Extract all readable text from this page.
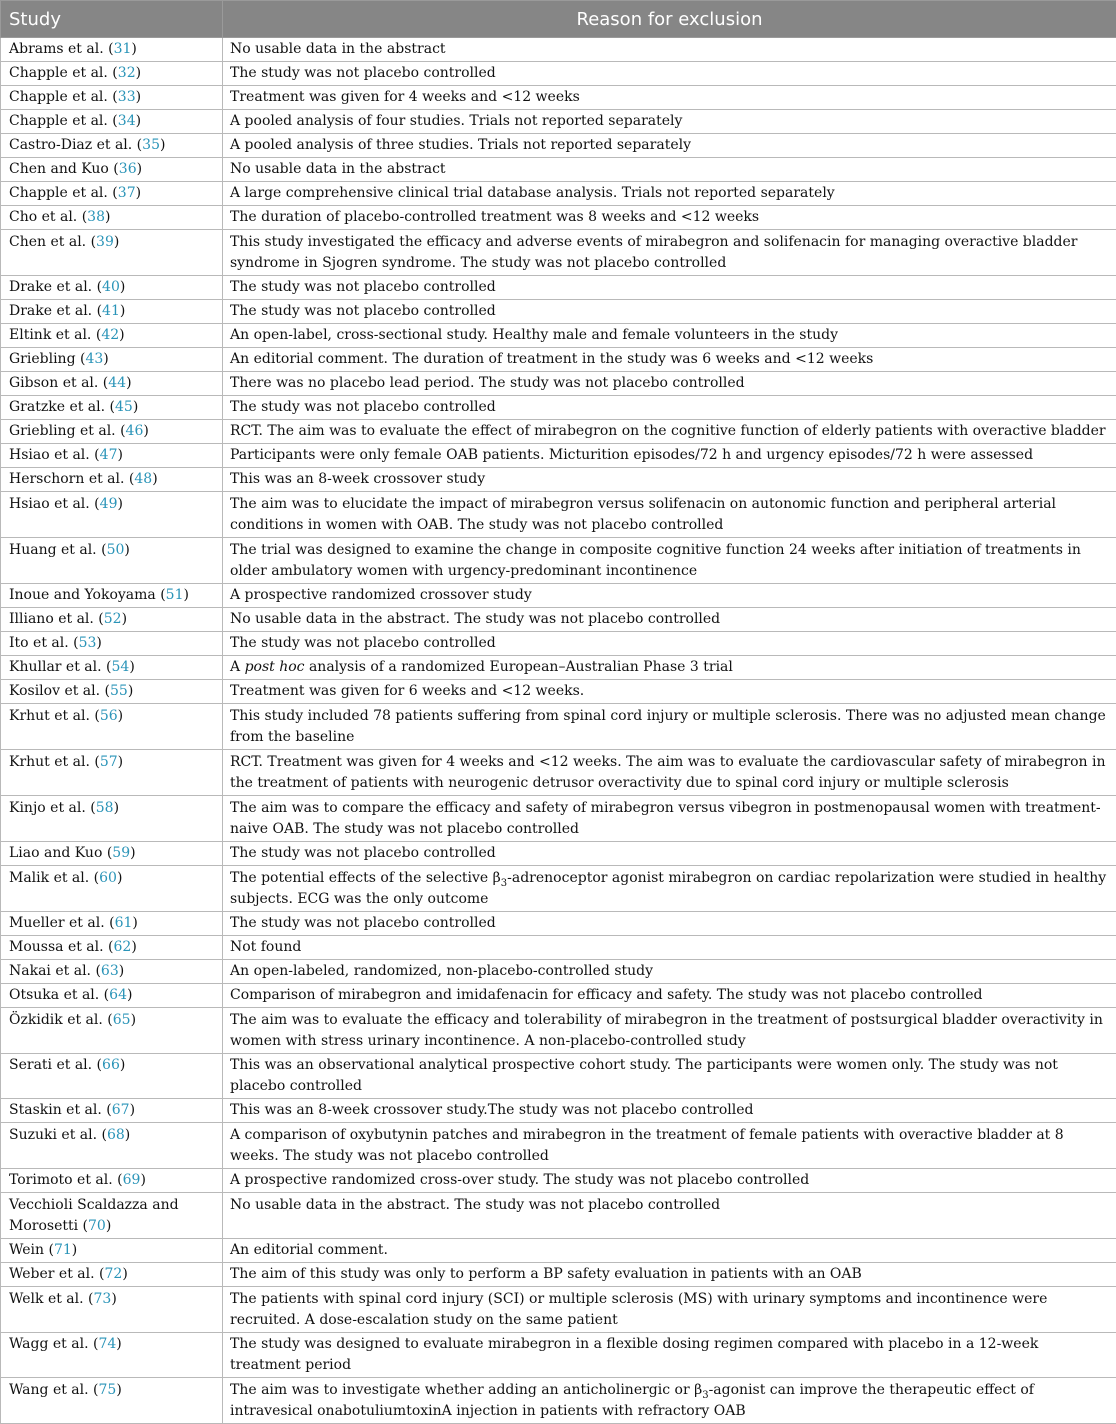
Study	Reason for exclusion
Abrams et al. (31)	No usable data in the abstract
Chapple et al. (32)	The study was not placebo controlled
Chapple et al. (33)	Treatment was given for 4 weeks and <12 weeks
Chapple et al. (34)	A pooled analysis of four studies. Trials not reported separately
Castro-Diaz et al. (35)	A pooled analysis of three studies. Trials not reported separately
Chen and Kuo (36)	No usable data in the abstract
Chapple et al. (37)	A large comprehensive clinical trial database analysis. Trials not reported separately
Cho et al. (38)	The duration of placebo-controlled treatment was 8 weeks and <12 weeks
Chen et al. (39)	This study investigated the efficacy and adverse events of mirabegron and solifenacin for managing overactive bladder syndrome in Sjogren syndrome. The study was not placebo controlled
Drake et al. (40)	The study was not placebo controlled
Drake et al. (41)	The study was not placebo controlled
Eltink et al. (42)	An open-label, cross-sectional study. Healthy male and female volunteers in the study
Griebling (43)	An editorial comment. The duration of treatment in the study was 6 weeks and <12 weeks
Gibson et al. (44)	There was no placebo lead period. The study was not placebo controlled
Gratzke et al. (45)	The study was not placebo controlled
Griebling et al. (46)	RCT. The aim was to evaluate the effect of mirabegron on the cognitive function of elderly patients with overactive bladder
Hsiao et al. (47)	Participants were only female OAB patients. Micturition episodes/72 h and urgency episodes/72 h were assessed
Herschorn et al. (48)	This was an 8-week crossover study
Hsiao et al. (49)	The aim was to elucidate the impact of mirabegron versus solifenacin on autonomic function and peripheral arterial conditions in women with OAB. The study was not placebo controlled
Huang et al. (50)	The trial was designed to examine the change in composite cognitive function 24 weeks after initiation of treatments in older ambulatory women with urgency-predominant incontinence
Inoue and Yokoyama (51)	A prospective randomized crossover study
Illiano et al. (52)	No usable data in the abstract. The study was not placebo controlled
Ito et al. (53)	The study was not placebo controlled
Khullar et al. (54)	A post hoc analysis of a randomized European–Australian Phase 3 trial
Kosilov et al. (55)	Treatment was given for 6 weeks and <12 weeks.
Krhut et al. (56)	This study included 78 patients suffering from spinal cord injury or multiple sclerosis. There was no adjusted mean change from the baseline
Krhut et al. (57)	RCT. Treatment was given for 4 weeks and <12 weeks. The aim was to evaluate the cardiovascular safety of mirabegron in the treatment of patients with neurogenic detrusor overactivity due to spinal cord injury or multiple sclerosis
Kinjo et al. (58)	The aim was to compare the efficacy and safety of mirabegron versus vibegron in postmenopausal women with treatment-naive OAB. The study was not placebo controlled
Liao and Kuo (59)	The study was not placebo controlled
Malik et al. (60)	The potential effects of the selective $\beta_3$-adrenoceptor agonist mirabegron on cardiac repolarization were studied in healthy subjects. ECG was the only outcome
Mueller et al. (61)	The study was not placebo controlled
Moussa et al. (62)	Not found
Nakai et al. (63)	An open-labeled, randomized, non-placebo-controlled study
Otsuka et al. (64)	Comparison of mirabegron and imidafenacin for efficacy and safety. The study was not placebo controlled
Özkidik et al. (65)	The aim was to evaluate the efficacy and tolerability of mirabegron in the treatment of postsurgical bladder overactivity in women with stress urinary incontinence. A non-placebo-controlled study
Serati et al. (66)	This was an observational analytical prospective cohort study. The participants were women only. The study was not placebo controlled
Staskin et al. (67)	This was an 8-week crossover study.The study was not placebo controlled
Suzuki et al. (68)	A comparison of oxybutynin patches and mirabegron in the treatment of female patients with overactive bladder at 8 weeks. The study was not placebo controlled
Torimoto et al. (69)	A prospective randomized cross-over study. The study was not placebo controlled
Vecchioli Scaldazza and Morosetti (70)	No usable data in the abstract. The study was not placebo controlled
Wein (71)	An editorial comment.
Weber et al. (72)	The aim of this study was only to perform a BP safety evaluation in patients with an OAB
Welk et al. (73)	The patients with spinal cord injury (SCI) or multiple sclerosis (MS) with urinary symptoms and incontinence were recruited. A dose-escalation study on the same patient
Wagg et al. (74)	The study was designed to evaluate mirabegron in a flexible dosing regimen compared with placebo in a 12-week treatment period
Wang et al. (75)	The aim was to investigate whether adding an anticholinergic or $\beta_3$-agonist can improve the therapeutic effect of intravesical onabotuliumtoxinA injection in patients with refractory OAB
